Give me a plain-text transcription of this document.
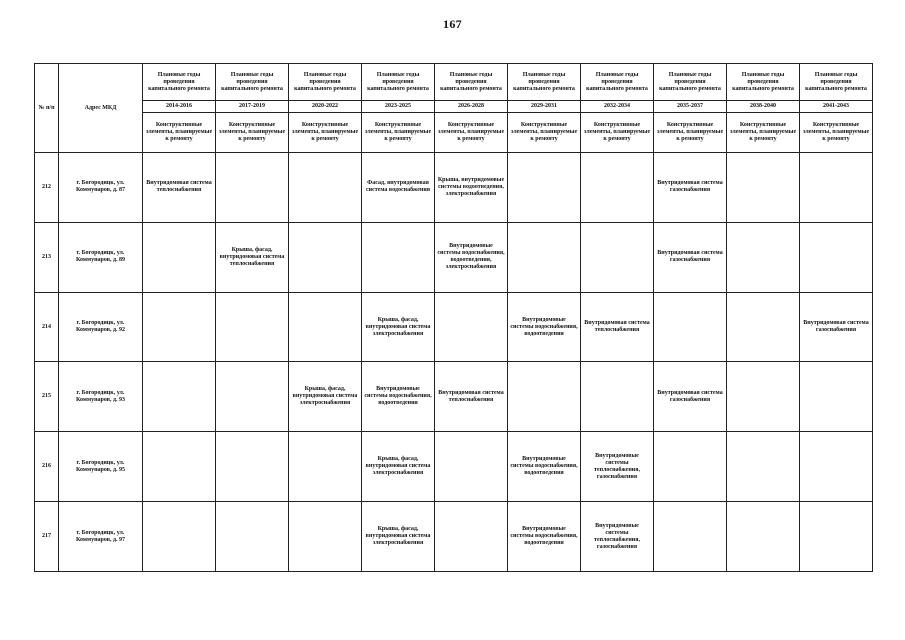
167
№ п/п	Адрес МКД	Плановые годы проведения капитального ремонта	Плановые годы проведения капитального ремонта	Плановые годы проведения капитального ремонта	Плановые годы проведения капитального ремонта	Плановые годы проведения капитального ремонта	Плановые годы проведения капитального ремонта	Плановые годы проведения капитального ремонта	Плановые годы проведения капитального ремонта	Плановые годы проведения капитального ремонта	Плановые годы проведения капитального ремонта
		2014-2016	2017-2019	2020-2022	2023-2025	2026-2028	2029-2031	2032-2034	2035-2037	2038-2040	2041-2043
		Конструктивные элементы, планируемые к ремонту	Конструктивные элементы, планируемые к ремонту	Конструктивные элементы, планируемые к ремонту	Конструктивные элементы, планируемые к ремонту	Конструктивные элементы, планируемые к ремонту	Конструктивные элементы, планируемые к ремонту	Конструктивные элементы, планируемые к ремонту	Конструктивные элементы, планируемые к ремонту	Конструктивные элементы, планируемые к ремонту	Конструктивные элементы, планируемые к ремонту
212	г. Богородицк, ул. Коммунаров, д. 87	Внутридомовая система теплоснабжения			Фасад, внутридомовая система водоснабжения	Крыша, внутридомовые системы водоотведения, электроснабжения			Внутридомовая система газоснабжения		
213	г. Богородицк, ул. Коммунаров, д. 89		Крыша, фасад, внутридомовая система теплоснабжения			Внутридомовые системы водоснабжения, водоотведения, электроснабжения			Внутридомовая система газоснабжения		
214	г. Богородицк, ул. Коммунаров, д. 92				Крыша, фасад, внутридомовая система электроснабжения		Внутридомовые системы водоснабжения, водоотведения	Внутридомовая система теплоснабжения			Внутридомовая система газоснабжения
215	г. Богородицк, ул. Коммунаров, д. 93			Крыша, фасад, внутридомовая система электроснабжения	Внутридомовые системы водоснабжения, водоотведения	Внутридомовая система теплоснабжения			Внутридомовая система газоснабжения		
216	г. Богородицк, ул. Коммунаров, д. 95				Крыша, фасад, внутридомовая система электроснабжения		Внутридомовые системы водоснабжения, водоотведения	Внутридомовые системы теплоснабжения, газоснабжения			
217	г. Богородицк, ул. Коммунаров, д. 97				Крыша, фасад, внутридомовая система электроснабжения		Внутридомовые системы водоснабжения, водоотведения	Внутридомовые системы теплоснабжения, газоснабжения			
